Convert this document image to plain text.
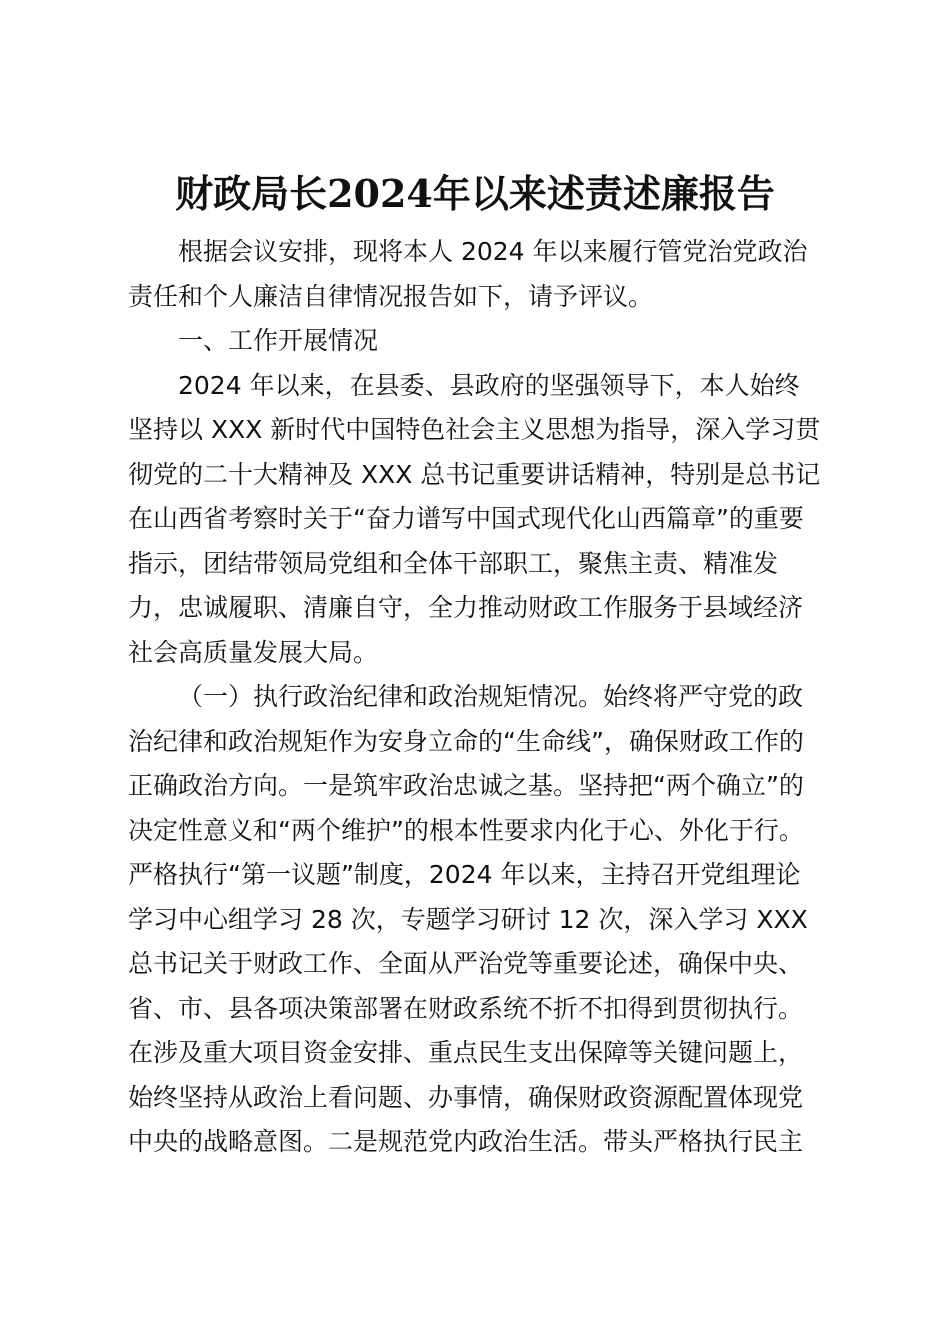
财政局长2024年以来述责述廉报告
根据会议安排，现将本人 2024 年以来履行管党治党政治
责任和个人廉洁自律情况报告如下，请予评议。
一、工作开展情况
2024 年以来，在县委、县政府的坚强领导下，本人始终
坚持以 XXX 新时代中国特色社会主义思想为指导，深入学习贯
彻党的二十大精神及 XXX 总书记重要讲话精神，特别是总书记
在山西省考察时关于“奋力谱写中国式现代化山西篇章”的重要
指示，团结带领局党组和全体干部职工，聚焦主责、精准发
力，忠诚履职、清廉自守，全力推动财政工作服务于县域经济
社会高质量发展大局。
（一）执行政治纪律和政治规矩情况。始终将严守党的政
治纪律和政治规矩作为安身立命的“生命线”，确保财政工作的
正确政治方向。一是筑牢政治忠诚之基。坚持把“两个确立”的
决定性意义和“两个维护”的根本性要求内化于心、外化于行。
严格执行“第一议题”制度，2024 年以来，主持召开党组理论
学习中心组学习 28 次，专题学习研讨 12 次，深入学习 XXX
总书记关于财政工作、全面从严治党等重要论述，确保中央、
省、市、县各项决策部署在财政系统不折不扣得到贯彻执行。
在涉及重大项目资金安排、重点民生支出保障等关键问题上，
始终坚持从政治上看问题、办事情，确保财政资源配置体现党
中央的战略意图。二是规范党内政治生活。带头严格执行民主
